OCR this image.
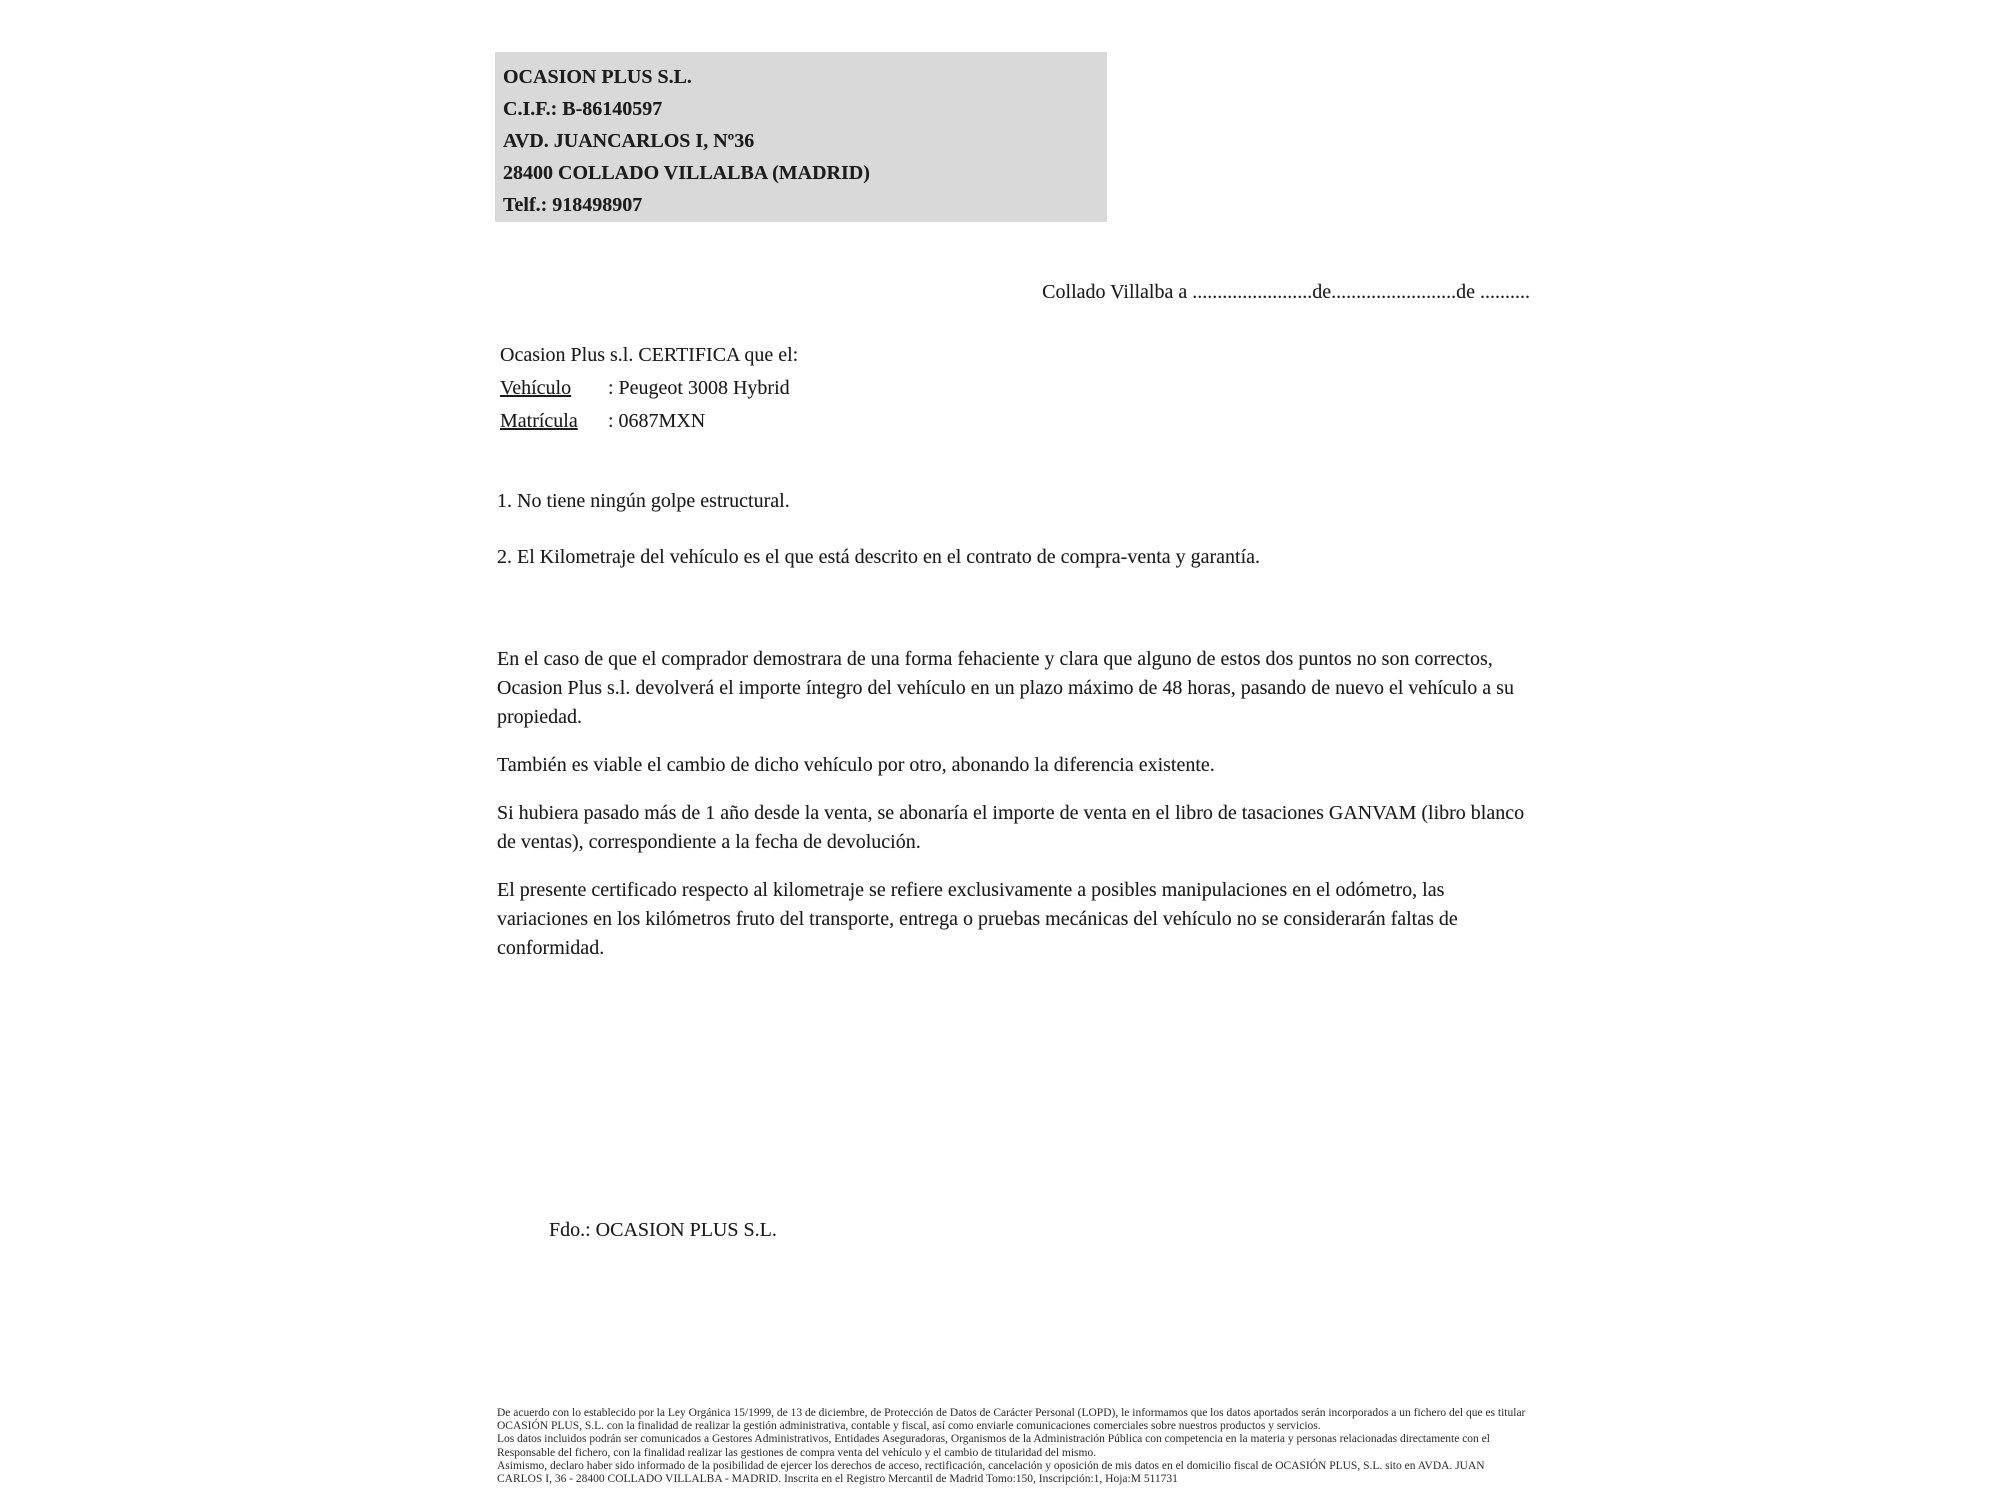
OCASION PLUS S.L.
C.I.F.: B-86140597
AVD. JUANCARLOS I, Nº36
28400 COLLADO VILLALBA (MADRID)
Telf.: 918498907
Collado Villalba a ........................de.........................de ..........
Ocasion Plus s.l. CERTIFICA que el:
Vehículo : Peugeot 3008 Hybrid
Matrícula : 0687MXN
1. No tiene ningún golpe estructural.
2. El Kilometraje del vehículo es el que está descrito en el contrato de compra-venta y garantía.

En el caso de que el comprador demostrara de una forma fehaciente y clara que alguno de estos dos puntos no son correctos, Ocasion Plus s.l. devolverá el importe íntegro del vehículo en un plazo máximo de 48 horas, pasando de nuevo el vehículo a su propiedad.

También es viable el cambio de dicho vehículo por otro, abonando la diferencia existente.

Si hubiera pasado más de 1 año desde la venta, se abonaría el importe de venta en el libro de tasaciones GANVAM (libro blanco de ventas), correspondiente a la fecha de devolución.

El presente certificado respecto al kilometraje se refiere exclusivamente a posibles manipulaciones en el odómetro, las variaciones en los kilómetros fruto del transporte, entrega o pruebas mecánicas del vehículo no se considerarán faltas de conformidad.

Fdo.: OCASION PLUS S.L.
De acuerdo con lo establecido por la Ley Orgánica 15/1999, de 13 de diciembre, de Protección de Datos de Carácter Personal (LOPD), le informamos que los datos aportados serán incorporados a un fichero del que es titular
OCASIÓN PLUS, S.L. con la finalidad de realizar la gestión administrativa, contable y fiscal, así como enviarle comunicaciones comerciales sobre nuestros productos y servicios.
Los datos incluidos podrán ser comunicados a Gestores Administrativos, Entidades Aseguradoras, Organismos de la Administración Pública con competencia en la materia y personas relacionadas directamente con el
Responsable del fichero, con la finalidad realizar las gestiones de compra venta del vehículo y el cambio de titularidad del mismo.
Asimismo, declaro haber sido informado de la posibilidad de ejercer los derechos de acceso, rectificación, cancelación y oposición de mis datos en el domicilio fiscal de OCASIÓN PLUS, S.L. sito en AVDA. JUAN
CARLOS I, 36 - 28400 COLLADO VILLALBA - MADRID. Inscrita en el Registro Mercantil de Madrid Tomo:150, Inscripción:1, Hoja:M 511731
